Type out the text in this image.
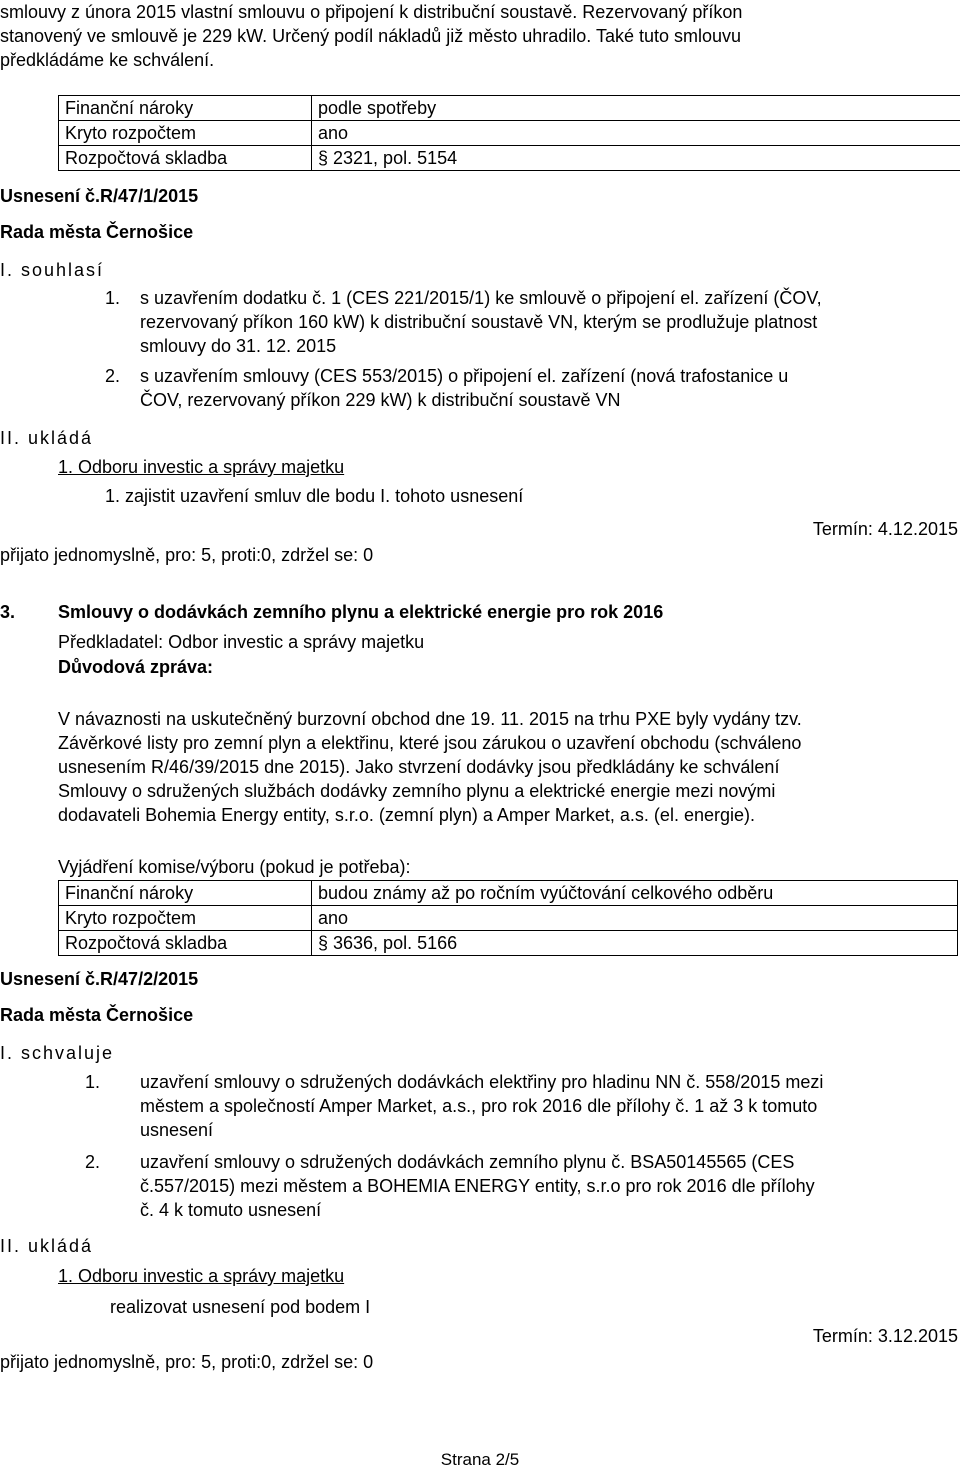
smlouvy z února 2015 vlastní smlouvu o připojení k distribuční soustavě. Rezervovaný příkon
stanovený ve smlouvě je 229 kW. Určený podíl nákladů již město uhradilo. Také tuto smlouvu
předkládáme ke schválení.
Finanční nároky	podle spotřeby
Kryto rozpočtem	ano
Rozpočtová skladba	§ 2321, pol. 5154
Usnesení č.R/47/1/2015
Rada města Černošice
I. souhlasí
1. s uzavřením dodatku č. 1 (CES 221/2015/1) ke smlouvě o připojení el. zařízení (ČOV,
rezervovaný příkon 160 kW) k distribuční soustavě VN, kterým se prodlužuje platnost
smlouvy do 31. 12. 2015
2. s uzavřením smlouvy (CES 553/2015) o připojení el. zařízení (nová trafostanice u
ČOV, rezervovaný příkon 229 kW) k distribuční soustavě VN
II. ukládá
1. Odboru investic a správy majetku
1. zajistit uzavření smluv dle bodu I. tohoto usnesení
Termín: 4.12.2015
přijato jednomyslně, pro: 5, proti:0, zdržel se: 0
3. Smlouvy o dodávkách zemního plynu a elektrické energie pro rok 2016
Předkladatel: Odbor investic a správy majetku
Důvodová zpráva:
V návaznosti na uskutečněný burzovní obchod dne 19. 11. 2015 na trhu PXE byly vydány tzv.
Závěrkové listy pro zemní plyn a elektřinu, které jsou zárukou o uzavření obchodu (schváleno
usnesením R/46/39/2015 dne 2015). Jako stvrzení dodávky jsou předkládány ke schválení
Smlouvy o sdružených službách dodávky zemního plynu a elektrické energie mezi novými
dodavateli Bohemia Energy entity, s.r.o. (zemní plyn) a Amper Market, a.s. (el. energie).
Vyjádření komise/výboru (pokud je potřeba):
Finanční nároky	budou známy až po ročním vyúčtování celkového odběru
Kryto rozpočtem	ano
Rozpočtová skladba	§ 3636, pol. 5166
Usnesení č.R/47/2/2015
Rada města Černošice
I. schvaluje
1. uzavření smlouvy o sdružených dodávkách elektřiny pro hladinu NN č. 558/2015 mezi
městem a společností Amper Market, a.s., pro rok 2016 dle přílohy č. 1 až 3 k tomuto
usnesení
2. uzavření smlouvy o sdružených dodávkách zemního plynu č. BSA50145565 (CES
č.557/2015) mezi městem a BOHEMIA ENERGY entity, s.r.o pro rok 2016 dle přílohy
č. 4 k tomuto usnesení
II. ukládá
1. Odboru investic a správy majetku
realizovat usnesení pod bodem I
Termín: 3.12.2015
přijato jednomyslně, pro: 5, proti:0, zdržel se: 0
Strana 2/5
